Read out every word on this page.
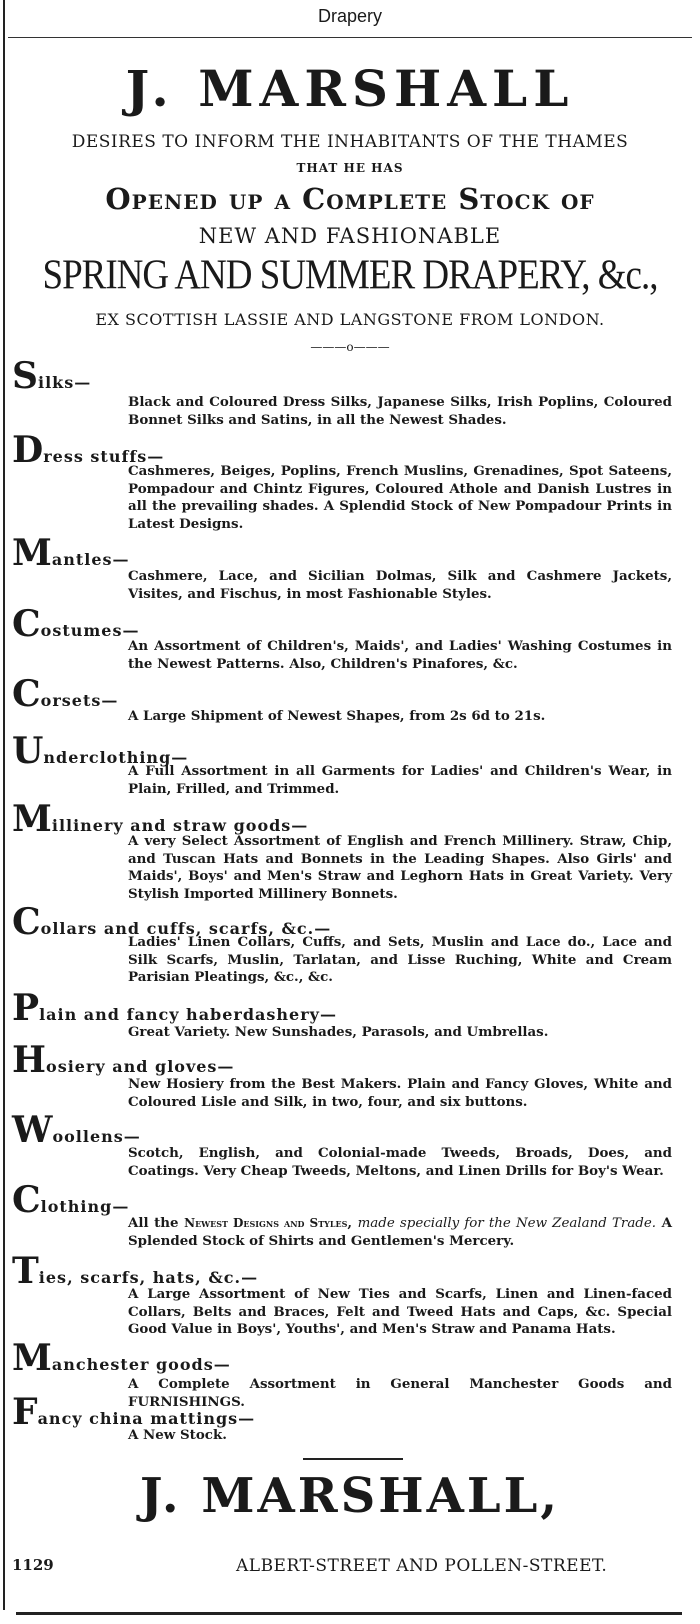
Drapery
J. MARSHALL
DESIRES TO INFORM THE INHABITANTS OF THE THAMES
THAT HE HAS
Opened up a Complete Stock of
NEW AND FASHIONABLE
SPRING AND SUMMER DRAPERY, &c.,
EX SCOTTISH LASSIE AND LANGSTONE FROM LONDON.
———o———
Silks—
Black and Coloured Dress Silks, Japanese Silks, Irish Poplins, Coloured Bonnet Silks and Satins, in all the Newest Shades.
Dress stuffs—
Cashmeres, Beiges, Poplins, French Muslins, Grenadines, Spot Sateens, Pompadour and Chintz Figures, Coloured Athole and Danish Lustres in all the prevailing shades. A Splendid Stock of New Pompadour Prints in Latest Designs.
Mantles—
Cashmere, Lace, and Sicilian Dolmas, Silk and Cashmere Jackets, Visites, and Fischus, in most Fashionable Styles.
Costumes—
An Assortment of Children's, Maids', and Ladies' Washing Costumes in the Newest Patterns. Also, Children's Pinafores, &c.
Corsets—
A Large Shipment of Newest Shapes, from 2s 6d to 21s.
Underclothing—
A Full Assortment in all Garments for Ladies' and Children's Wear, in Plain, Frilled, and Trimmed.
Millinery and straw goods—
A very Select Assortment of English and French Millinery. Straw, Chip, and Tuscan Hats and Bonnets in the Leading Shapes. Also Girls' and Maids', Boys' and Men's Straw and Leghorn Hats in Great Variety. Very Stylish Imported Millinery Bonnets.
Collars and cuffs, scarfs, &c.—
Ladies' Linen Collars, Cuffs, and Sets, Muslin and Lace do., Lace and Silk Scarfs, Muslin, Tarlatan, and Lisse Ruching, White and Cream Parisian Pleatings, &c., &c.
Plain and fancy haberdashery—
Great Variety. New Sunshades, Parasols, and Umbrellas.
Hosiery and gloves—
New Hosiery from the Best Makers. Plain and Fancy Gloves, White and Coloured Lisle and Silk, in two, four, and six buttons.
Woollens—
Scotch, English, and Colonial-made Tweeds, Broads, Does, and Coatings. Very Cheap Tweeds, Meltons, and Linen Drills for Boy's Wear.
Clothing—
All the Newest Designs and Styles, made specially for the New Zealand Trade. A Splended Stock of Shirts and Gentlemen's Mercery.
Ties, scarfs, hats, &c.—
A Large Assortment of New Ties and Scarfs, Linen and Linen-faced Collars, Belts and Braces, Felt and Tweed Hats and Caps, &c. Special Good Value in Boys', Youths', and Men's Straw and Panama Hats.
Manchester goods—
A Complete Assortment in General Manchester Goods and FURNISHINGS.
Fancy china mattings—
A New Stock.
J. MARSHALL,
1129	ALBERT-STREET AND POLLEN-STREET.
